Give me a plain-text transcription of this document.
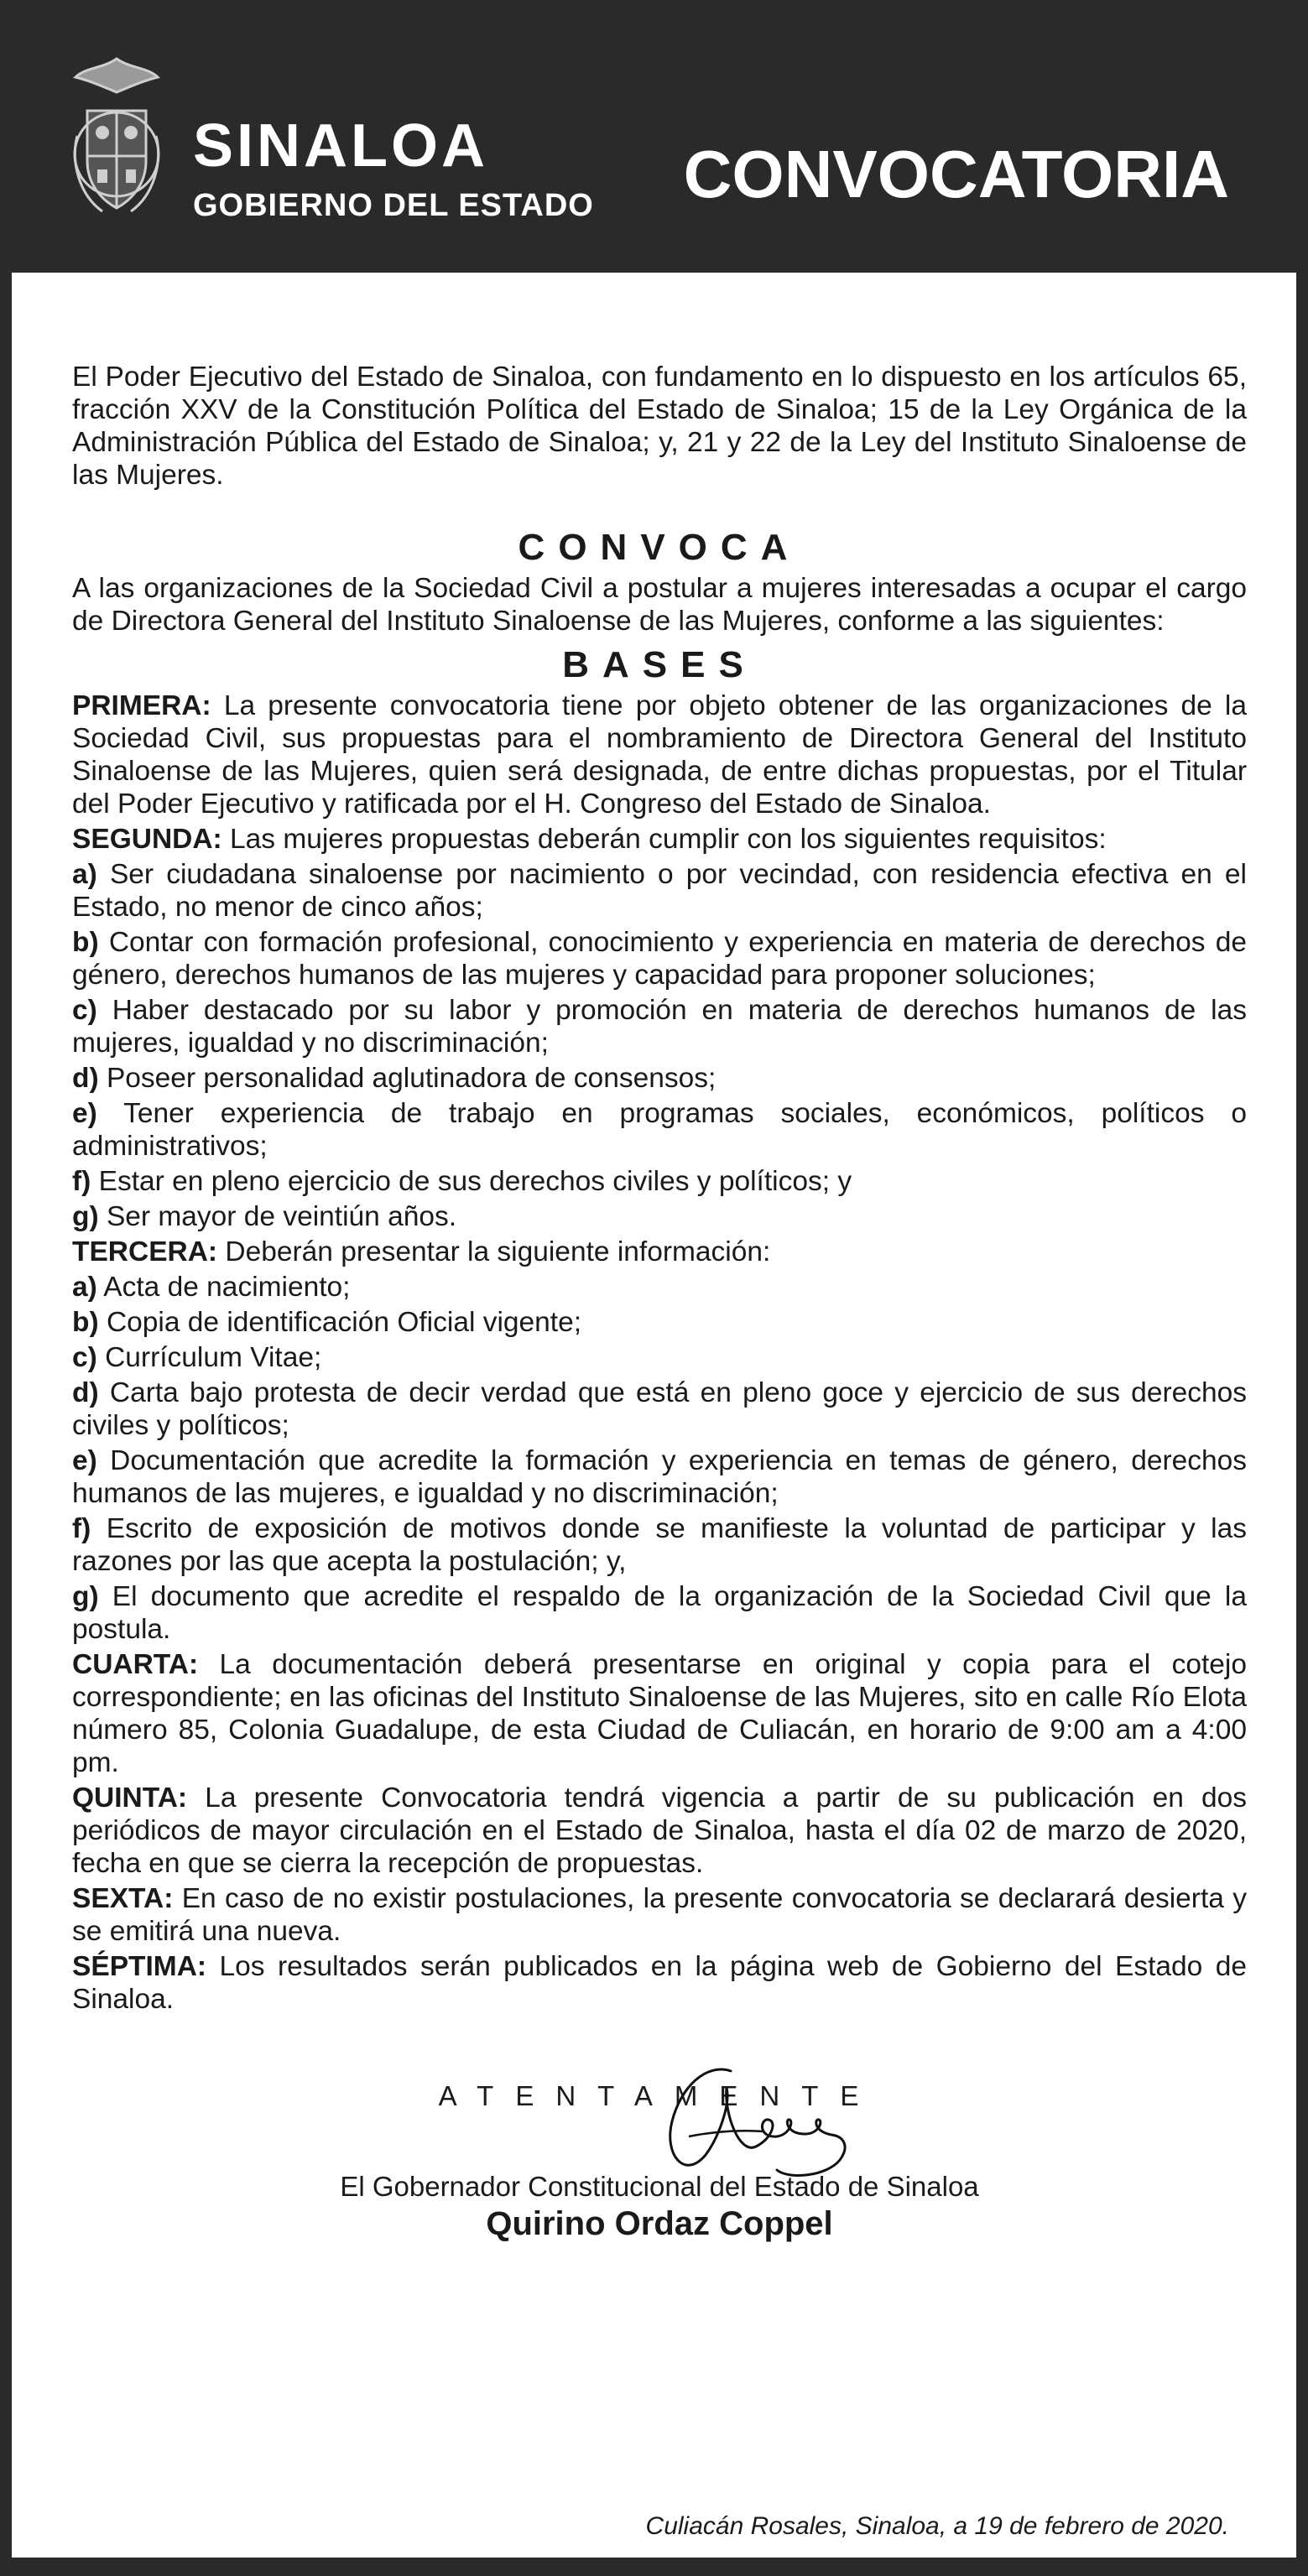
SINALOA
GOBIERNO DEL ESTADO CONVOCATORIA

El Poder Ejecutivo del Estado de Sinaloa, con fundamento en lo dispuesto en los artículos 65, fracción XXV de la Constitución Política del Estado de Sinaloa; 15 de la Ley Orgánica de la Administración Pública del Estado de Sinaloa; y, 21 y 22 de la Ley del Instituto Sinaloense de las Mujeres.

CONVOCA

A las organizaciones de la Sociedad Civil a postular a mujeres interesadas a ocupar el cargo de Directora General del Instituto Sinaloense de las Mujeres, conforme a las siguientes:

BASES

PRIMERA: La presente convocatoria tiene por objeto obtener de las organizaciones de la Sociedad Civil, sus propuestas para el nombramiento de Directora General del Instituto Sinaloense de las Mujeres, quien será designada, de entre dichas propuestas, por el Titular del Poder Ejecutivo y ratificada por el H. Congreso del Estado de Sinaloa.

SEGUNDA: Las mujeres propuestas deberán cumplir con los siguientes requisitos:

a) Ser ciudadana sinaloense por nacimiento o por vecindad, con residencia efectiva en el Estado, no menor de cinco años;

b) Contar con formación profesional, conocimiento y experiencia en materia de derechos de género, derechos humanos de las mujeres y capacidad para proponer soluciones;

c) Haber destacado por su labor y promoción en materia de derechos humanos de las mujeres, igualdad y no discriminación;

d) Poseer personalidad aglutinadora de consensos;

e) Tener experiencia de trabajo en programas sociales, económicos, políticos o administrativos;

f) Estar en pleno ejercicio de sus derechos civiles y políticos; y

g) Ser mayor de veintiún años.

TERCERA: Deberán presentar la siguiente información:

a) Acta de nacimiento;

b) Copia de identificación Oficial vigente;

c) Currículum Vitae;

d) Carta bajo protesta de decir verdad que está en pleno goce y ejercicio de sus derechos civiles y políticos;

e) Documentación que acredite la formación y experiencia en temas de género, derechos humanos de las mujeres, e igualdad y no discriminación;

f) Escrito de exposición de motivos donde se manifieste la voluntad de participar y las razones por las que acepta la postulación; y,

g) El documento que acredite el respaldo de la organización de la Sociedad Civil que la postula.

CUARTA: La documentación deberá presentarse en original y copia para el cotejo correspondiente; en las oficinas del Instituto Sinaloense de las Mujeres, sito en calle Río Elota número 85, Colonia Guadalupe, de esta Ciudad de Culiacán, en horario de 9:00 am a 4:00 pm.

QUINTA: La presente Convocatoria tendrá vigencia a partir de su publicación en dos periódicos de mayor circulación en el Estado de Sinaloa, hasta el día 02 de marzo de 2020, fecha en que se cierra la recepción de propuestas.

SEXTA: En caso de no existir postulaciones, la presente convocatoria se declarará desierta y se emitirá una nueva.

SÉPTIMA: Los resultados serán publicados en la página web de Gobierno del Estado de Sinaloa.

ATENTAMENTE
El Gobernador Constitucional del Estado de Sinaloa
Quirino Ordaz Coppel
Culiacán Rosales, Sinaloa, a 19 de febrero de 2020.
